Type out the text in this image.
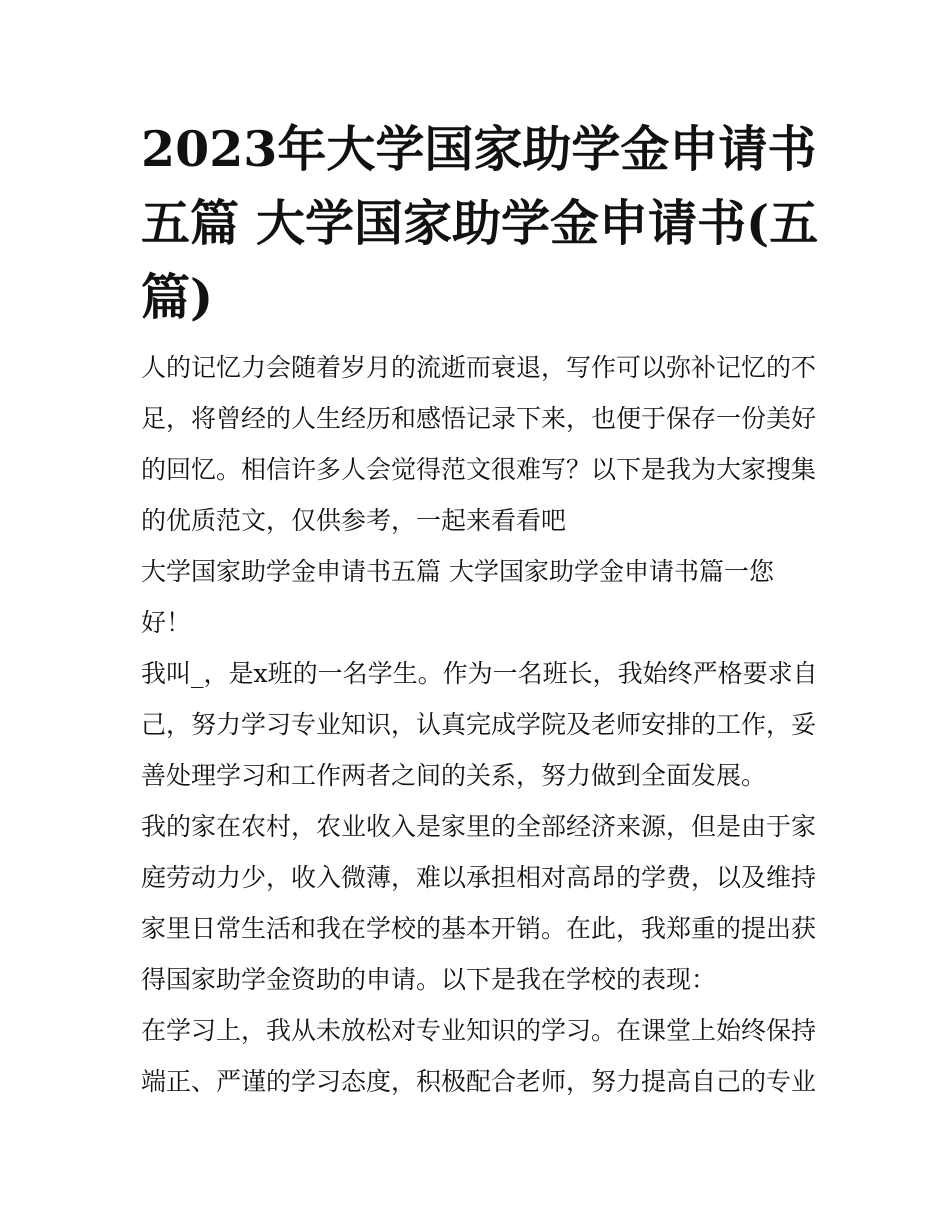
2023年大学国家助学金申请书五篇 大学国家助学金申请书(五篇)

人的记忆力会随着岁月的流逝而衰退，写作可以弥补记忆的不足，将曾经的人生经历和感悟记录下来，也便于保存一份美好的回忆。相信许多人会觉得范文很难写？以下是我为大家搜集的优质范文，仅供参考，一起来看看吧

大学国家助学金申请书五篇 大学国家助学金申请书篇一您好！

我叫_，是x班的一名学生。作为一名班长，我始终严格要求自己，努力学习专业知识，认真完成学院及老师安排的工作，妥善处理学习和工作两者之间的关系，努力做到全面发展。

我的家在农村，农业收入是家里的全部经济来源，但是由于家庭劳动力少，收入微薄，难以承担相对高昂的学费，以及维持家里日常生活和我在学校的基本开销。在此，我郑重的提出获得国家助学金资助的申请。以下是我在学校的表现：

在学习上，我从未放松对专业知识的学习。在课堂上始终保持端正、严谨的学习态度，积极配合老师，努力提高自己的专业
